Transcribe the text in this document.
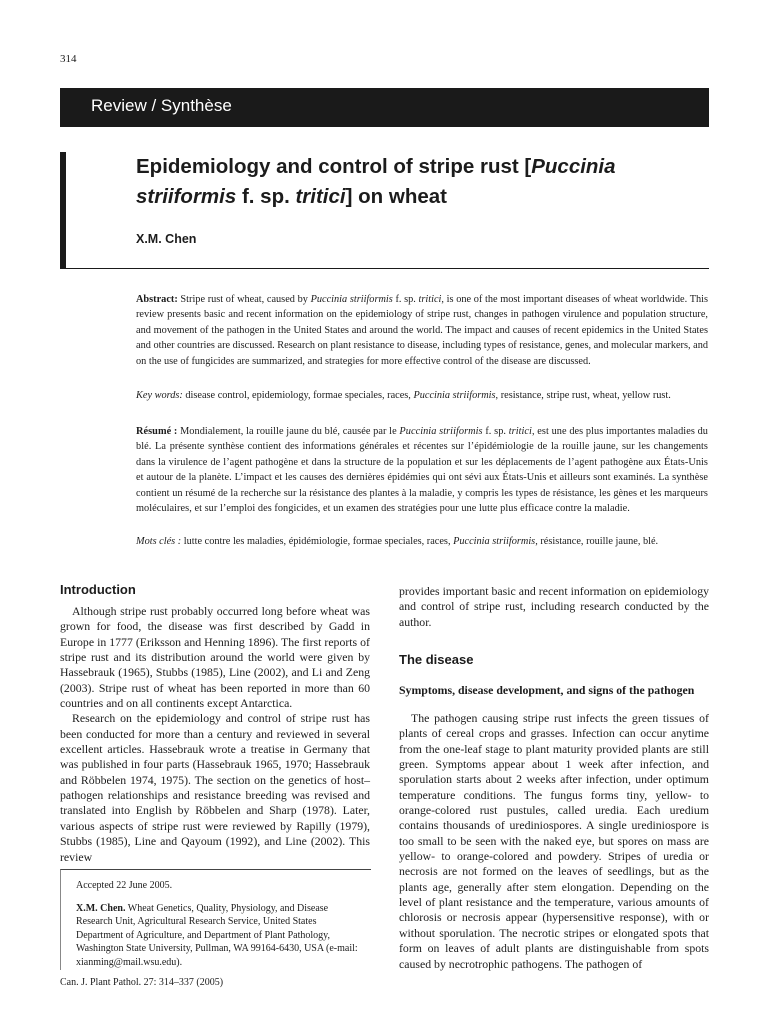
314
Review / Synthèse
Epidemiology and control of stripe rust [Puccinia striiformis f. sp. tritici] on wheat
X.M. Chen
Abstract: Stripe rust of wheat, caused by Puccinia striiformis f. sp. tritici, is one of the most important diseases of wheat worldwide. This review presents basic and recent information on the epidemiology of stripe rust, changes in pathogen virulence and population structure, and movement of the pathogen in the United States and around the world. The impact and causes of recent epidemics in the United States and other countries are discussed. Research on plant resistance to disease, including types of resistance, genes, and molecular markers, and on the use of fungicides are summarized, and strategies for more effective control of the disease are discussed.
Key words: disease control, epidemiology, formae speciales, races, Puccinia striiformis, resistance, stripe rust, wheat, yellow rust.
Résumé : Mondialement, la rouille jaune du blé, causée par le Puccinia striiformis f. sp. tritici, est une des plus importantes maladies du blé. La présente synthèse contient des informations générales et récentes sur l’épidémiologie de la rouille jaune, sur les changements dans la virulence de l’agent pathogène et dans la structure de la population et sur les déplacements de l’agent pathogène aux États-Unis et autour de la planète. L’impact et les causes des dernières épidémies qui ont sévi aux États-Unis et ailleurs sont examinés. La synthèse contient un résumé de la recherche sur la résistance des plantes à la maladie, y compris les types de résistance, les gènes et les marqueurs moléculaires, et sur l’emploi des fongicides, et un examen des stratégies pour une lutte plus efficace contre la maladie.
Mots clés : lutte contre les maladies, épidémiologie, formae speciales, races, Puccinia striiformis, résistance, rouille jaune, blé.
Introduction

Although stripe rust probably occurred long before wheat was grown for food, the disease was first described by Gadd in Europe in 1777 (Eriksson and Henning 1896). The first reports of stripe rust and its distribution around the world were given by Hassebrauk (1965), Stubbs (1985), Line (2002), and Li and Zeng (2003). Stripe rust of wheat has been reported in more than 60 countries and on all continents except Antarctica.

Research on the epidemiology and control of stripe rust has been conducted for more than a century and reviewed in several excellent articles. Hassebrauk wrote a treatise in Germany that was published in four parts (Hassebrauk 1965, 1970; Hassebrauk and Röbbelen 1974, 1975). The section on the genetics of host–pathogen relationships and resistance breeding was revised and translated into English by Röbbelen and Sharp (1978). Later, various aspects of stripe rust were reviewed by Rapilly (1979), Stubbs (1985), Line and Qayoum (1992), and Line (2002). This review

provides important basic and recent information on epidemiology and control of stripe rust, including research conducted by the author.

The disease
Symptoms, disease development, and signs of the pathogen

The pathogen causing stripe rust infects the green tissues of plants of cereal crops and grasses. Infection can occur anytime from the one-leaf stage to plant maturity provided plants are still green. Symptoms appear about 1 week after infection, and sporulation starts about 2 weeks after infection, under optimum temperature conditions. The fungus forms tiny, yellow- to orange-colored rust pustules, called uredia. Each uredium contains thousands of urediniospores. A single urediniospore is too small to be seen with the naked eye, but spores on mass are yellow- to orange-colored and powdery. Stripes of uredia or necrosis are not formed on the leaves of seedlings, but as the plants age, generally after stem elongation. Depending on the level of plant resistance and the temperature, various amounts of chlorosis or necrosis appear (hypersensitive response), with or without sporulation. The necrotic stripes or elongated spots that form on leaves of adult plants are distinguishable from spots caused by necrotrophic pathogens. The pathogen of

Accepted 22 June 2005.

X.M. Chen. Wheat Genetics, Quality, Physiology, and Disease Research Unit, Agricultural Research Service, United States Department of Agriculture, and Department of Plant Pathology, Washington State University, Pullman, WA 99164-6430, USA (e-mail: xianming@mail.wsu.edu).

Can. J. Plant Pathol. 27: 314–337 (2005)
